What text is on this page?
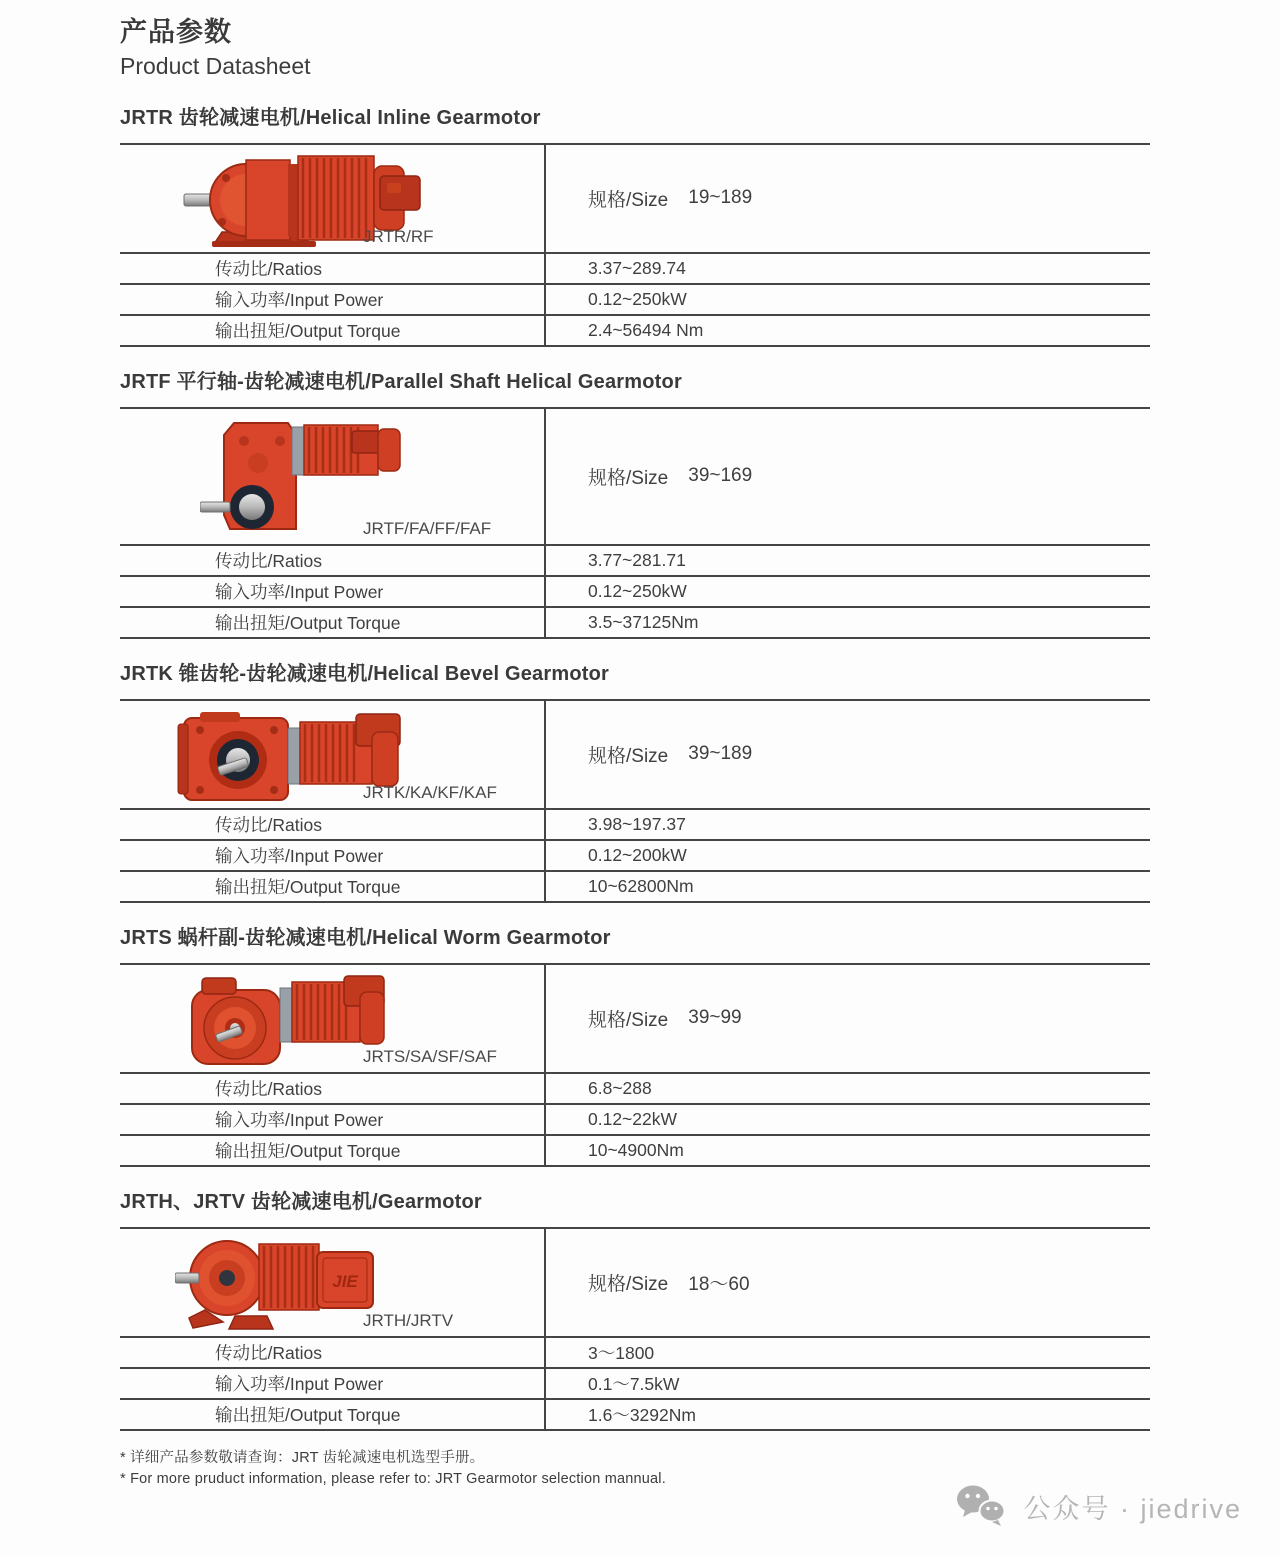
产品参数
Product Datasheet
JRTR 齿轮减速电机/Helical Inline Gearmotor
JRTR/RF
规格/Size 19~189
传动比/Ratios	3.37~289.74
输入功率/Input Power	0.12~250kW
输出扭矩/Output Torque	2.4~56494 Nm
JRTF 平行轴-齿轮减速电机/Parallel Shaft Helical Gearmotor
JRTF/FA/FF/FAF
规格/Size 39~169
传动比/Ratios	3.77~281.71
输入功率/Input Power	0.12~250kW
输出扭矩/Output Torque	3.5~37125Nm
JRTK 锥齿轮-齿轮减速电机/Helical Bevel Gearmotor
JRTK/KA/KF/KAF
规格/Size 39~189
传动比/Ratios	3.98~197.37
输入功率/Input Power	0.12~200kW
输出扭矩/Output Torque	10~62800Nm
JRTS 蜗杆副-齿轮减速电机/Helical Worm Gearmotor
JRTS/SA/SF/SAF
规格/Size 39~99
传动比/Ratios	6.8~288
输入功率/Input Power	0.12~22kW
输出扭矩/Output Torque	10~4900Nm
JRTH、JRTV 齿轮减速电机/Gearmotor
JIE
JRTH/JRTV
规格/Size 18～60
传动比/Ratios	3～1800
输入功率/Input Power	0.1～7.5kW
输出扭矩/Output Torque	1.6～3292Nm
* 详细产品参数敬请查询：JRT 齿轮减速电机选型手册。
* For more pruduct information, please refer to: JRT Gearmotor selection mannual.
公众号 · jiedrive
